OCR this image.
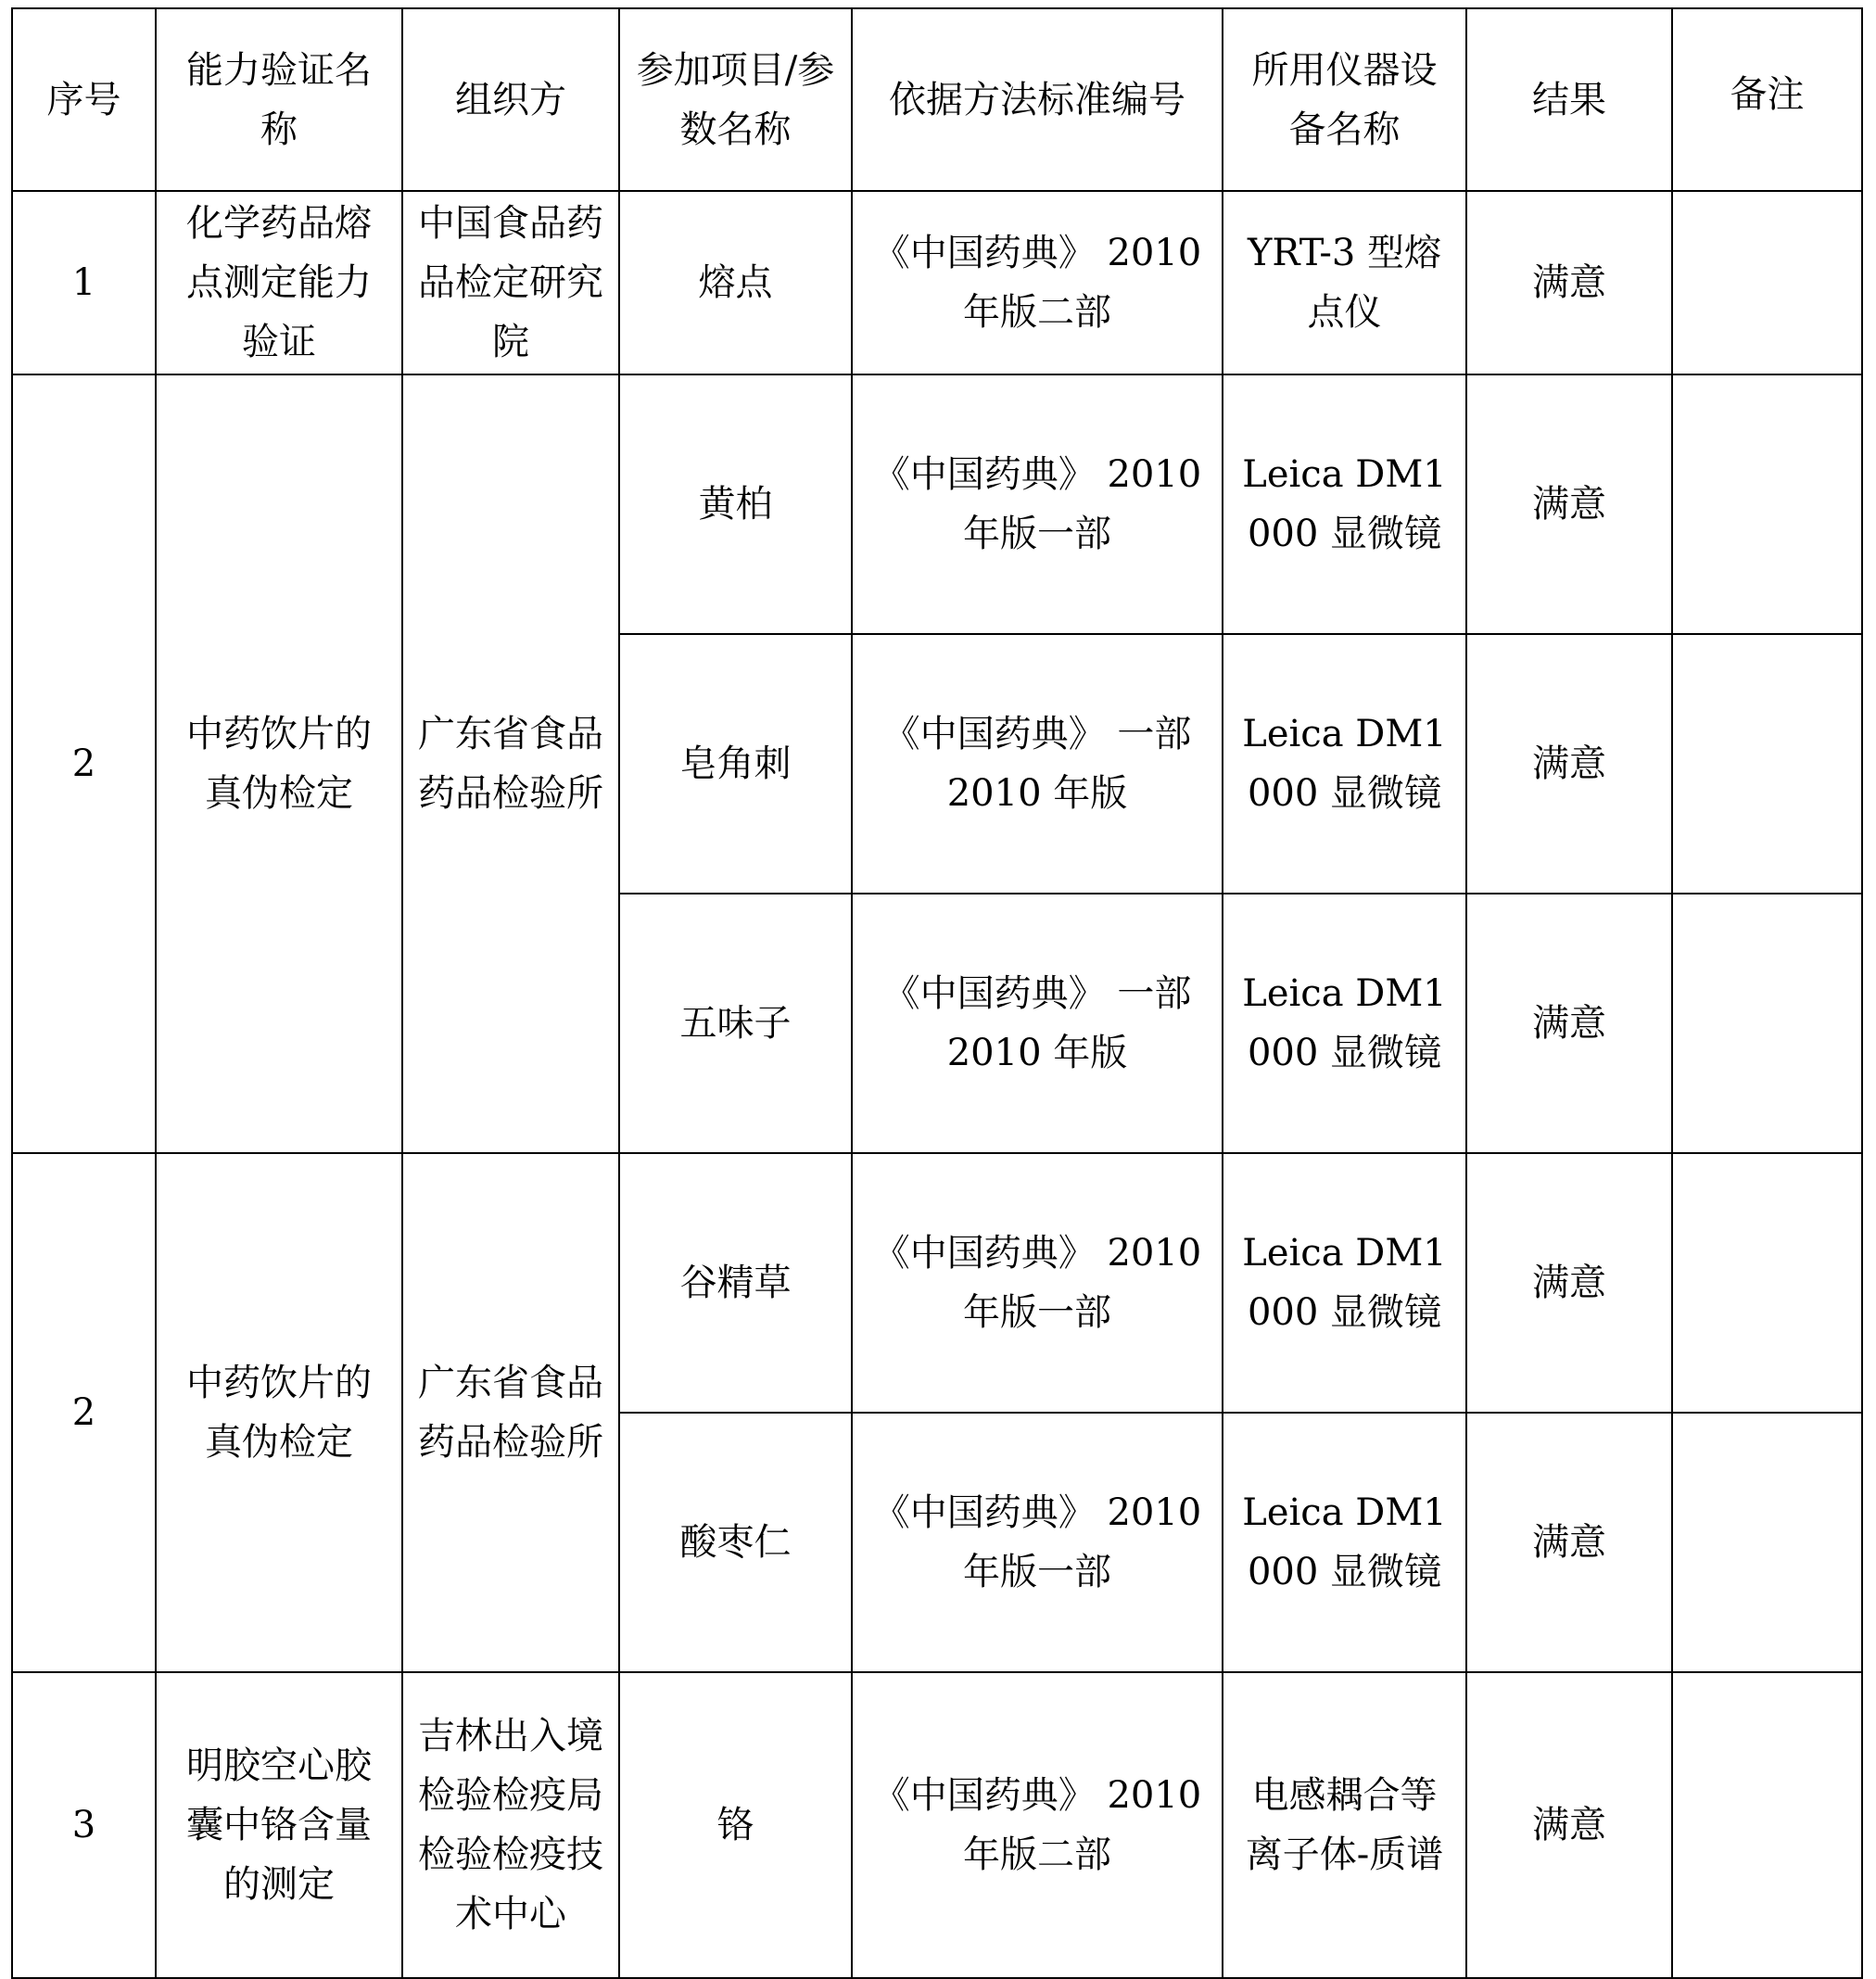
序号	能力验证名称	组织方	参加项目/参数名称	依据方法标准编号	所用仪器设备名称	结果	备注
1	化学药品熔点测定能力验证	中国食品药品检定研究院	熔点	《中国药典》 2010 年版二部	YRT-3 型熔点仪	满意	
2	中药饮片的真伪检定	广东省食品药品检验所	黄柏	《中国药典》 2010 年版一部	Leica DM1000 显微镜	满意	
			皂角刺	《中国药典》 一部 2010 年版	Leica DM1000 显微镜	满意	
			五味子	《中国药典》 一部 2010 年版	Leica DM1000 显微镜	满意	
2	中药饮片的真伪检定	广东省食品药品检验所	谷精草	《中国药典》 2010 年版一部	Leica DM1000 显微镜	满意	
			酸枣仁	《中国药典》 2010 年版一部	Leica DM1000 显微镜	满意	
3	明胶空心胶囊中铬含量的测定	吉林出入境检验检疫局检验检疫技术中心	铬	《中国药典》 2010 年版二部	电感耦合等离子体-质谱	满意	
